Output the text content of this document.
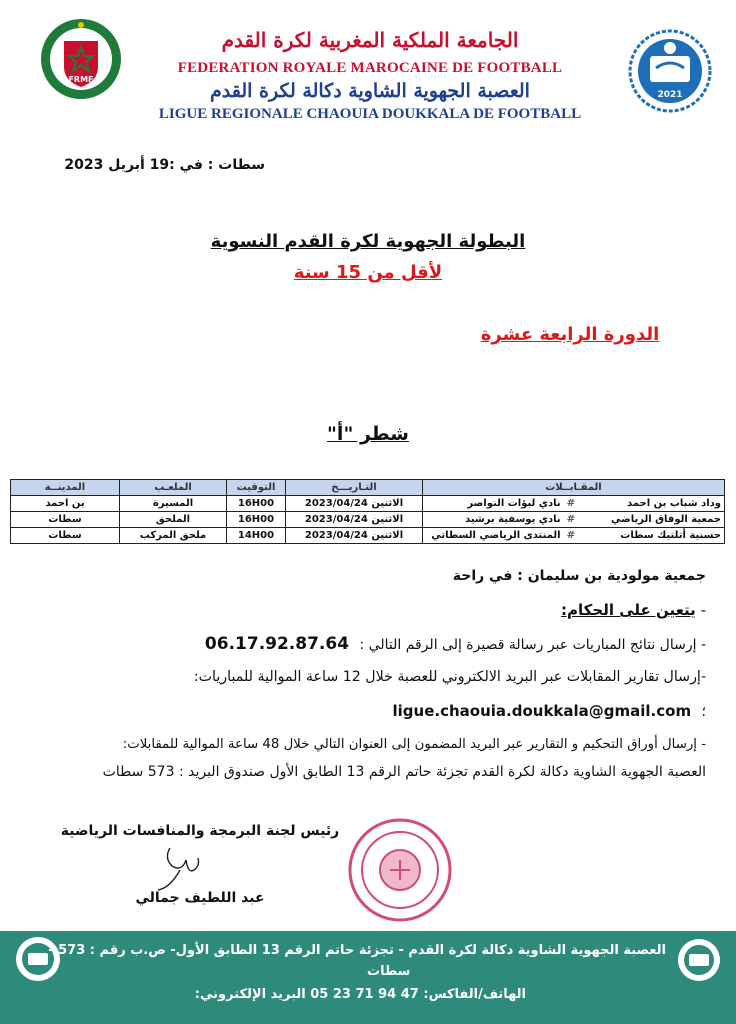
FRMF
2021
الجامعة الملكية المغربية لكرة القدم
FEDERATION ROYALE MAROCAINE DE FOOTBALL
العصبة الجهوية الشاوية دكالة لكرة القدم
LIGUE REGIONALE CHAOUIA DOUKKALA DE FOOTBALL
سطات : في :19 أبريل 2023
البطولة الجهوية لكرة القدم النسوية
لأقل من 15 سنة
الدورة الرابعة عشرة
شطر "أ"
المقـابــلات	التـاريـــخ	التوقيت	الملعـب	المدينــة
وداد شباب بن احمد#نادي لبؤات النواصر	الاثنين 2023/04/24	16H00	المسيرة	بن احمد
جمعية الوفاق الرياضي#نادي يوسفية برشيد	الاثنين 2023/04/24	16H00	الملحق	سطات
حسنية أتلتيك سطات#المنتدى الرياضي السطاتي	الاثنين 2023/04/24	14H00	ملحق المركب	سطات
جمعية مولودية بن سليمان : في راحة
- يتعين على الحكام:
- إرسال نتائج المباريات عبر رسالة قصيرة إلى الرقم التالي : 06.17.92.87.64
-إرسال تقارير المقابلات عبر البريد الالكتروني للعصبة خلال 12 ساعة الموالية للمباريات:
؛ ligue.chaouia.doukkala@gmail.com
- إرسال أوراق التحكيم و التقارير عبر البريد المضمون إلى العنوان التالي خلال 48 ساعة الموالية للمقابلات:
العصبة الجهوية الشاوية دكالة لكرة القدم تجزئة حاتم الرقم 13 الطابق الأول صندوق البريد : 573 سطات
رئيس لجنة البرمجة والمنافسات الرياضية
عبد اللطيف جمالي
العصبة الجهوية الشاوية دكالة لكرة القدم - تجزئة حاتم الرقم 13 الطابق الأول- ص.ب رقم : 573 -
سطات
الهاتف/الفاكس: 47 94 71 23 05 البريد الإلكتروني:
